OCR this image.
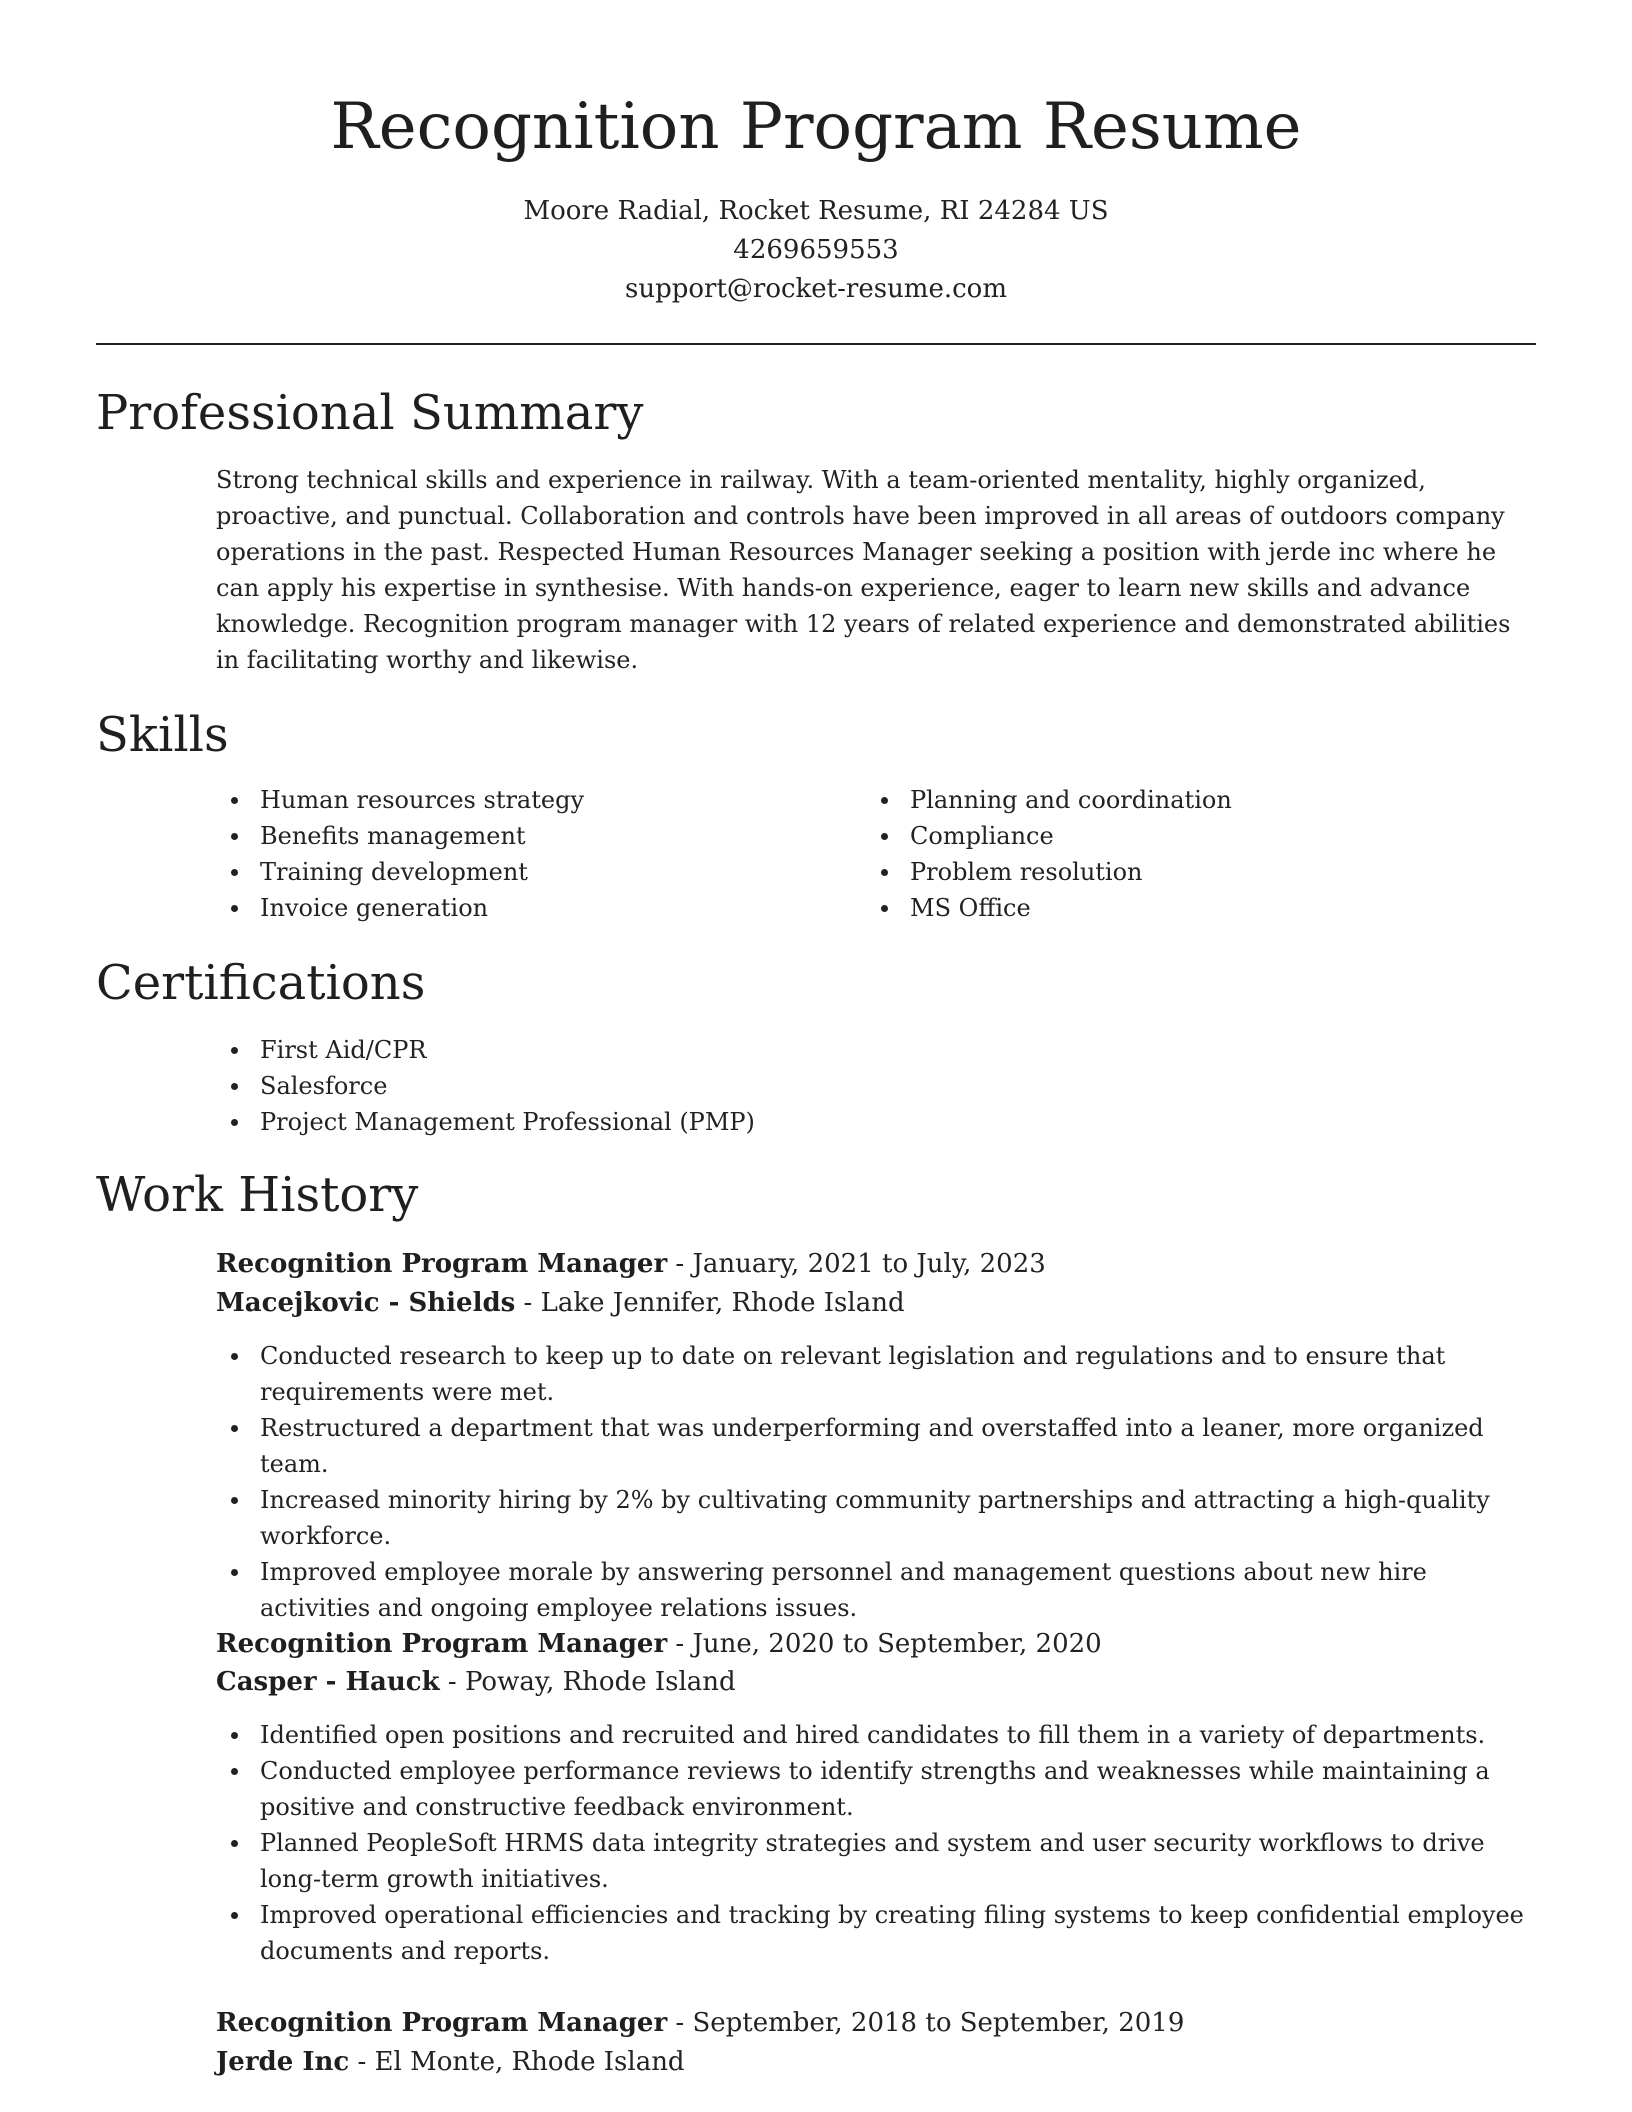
Recognition Program Resume
Moore Radial, Rocket Resume, RI 24284 US
4269659553
support@rocket-resume.com
Professional Summary

Strong technical skills and experience in railway. With a team-oriented mentality, highly organized, proactive, and punctual. Collaboration and controls have been improved in all areas of outdoors company operations in the past. Respected Human Resources Manager seeking a position with jerde inc where he can apply his expertise in synthesise. With hands-on experience, eager to learn new skills and advance knowledge. Recognition program manager with 12 years of related experience and demonstrated abilities in facilitating worthy and likewise.

Skills
Human resources strategy
Benefits management
Training development
Invoice generation
Planning and coordination
Compliance
Problem resolution
MS Office
Certifications
First Aid/CPR
Salesforce
Project Management Professional (PMP)
Work History
Recognition Program Manager - January, 2021 to July, 2023
Macejkovic - Shields - Lake Jennifer, Rhode Island
Conducted research to keep up to date on relevant legislation and regulations and to ensure that requirements were met.
Restructured a department that was underperforming and overstaffed into a leaner, more organized team.
Increased minority hiring by 2% by cultivating community partnerships and attracting a high-quality workforce.
Improved employee morale by answering personnel and management questions about new hire activities and ongoing employee relations issues.
Recognition Program Manager - June, 2020 to September, 2020
Casper - Hauck - Poway, Rhode Island
Identified open positions and recruited and hired candidates to fill them in a variety of departments.
Conducted employee performance reviews to identify strengths and weaknesses while maintaining a positive and constructive feedback environment.
Planned PeopleSoft HRMS data integrity strategies and system and user security workflows to drive long-term growth initiatives.
Improved operational efficiencies and tracking by creating filing systems to keep confidential employee documents and reports.
Recognition Program Manager - September, 2018 to September, 2019
Jerde Inc - El Monte, Rhode Island
